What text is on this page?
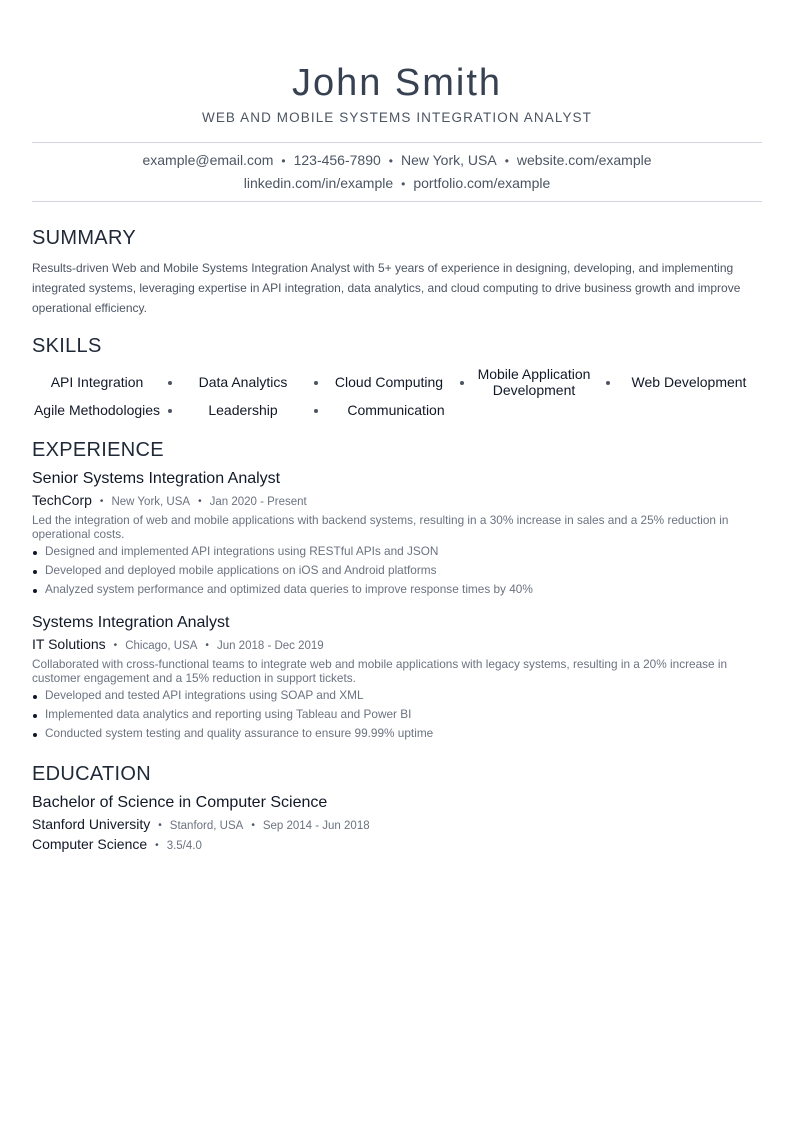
John Smith
WEB AND MOBILE SYSTEMS INTEGRATION ANALYST
example@email.com • 123-456-7890 • New York, USA • website.com/example
linkedin.com/in/example • portfolio.com/example
SUMMARY
Results-driven Web and Mobile Systems Integration Analyst with 5+ years of experience in designing, developing, and implementing integrated systems, leveraging expertise in API integration, data analytics, and cloud computing to drive business growth and improve operational efficiency.
SKILLS
API Integration	Data Analytics	Cloud Computing	Mobile Application Development	Web Development
Agile Methodologies	Leadership	Communication
EXPERIENCE
Senior Systems Integration Analyst
TechCorp • New York, USA • Jan 2020 - Present
Led the integration of web and mobile applications with backend systems, resulting in a 30% increase in sales and a 25% reduction in operational costs.
Designed and implemented API integrations using RESTful APIs and JSON
Developed and deployed mobile applications on iOS and Android platforms
Analyzed system performance and optimized data queries to improve response times by 40%
Systems Integration Analyst
IT Solutions • Chicago, USA • Jun 2018 - Dec 2019
Collaborated with cross-functional teams to integrate web and mobile applications with legacy systems, resulting in a 20% increase in customer engagement and a 15% reduction in support tickets.
Developed and tested API integrations using SOAP and XML
Implemented data analytics and reporting using Tableau and Power BI
Conducted system testing and quality assurance to ensure 99.99% uptime
EDUCATION
Bachelor of Science in Computer Science
Stanford University • Stanford, USA • Sep 2014 - Jun 2018
Computer Science • 3.5/4.0
